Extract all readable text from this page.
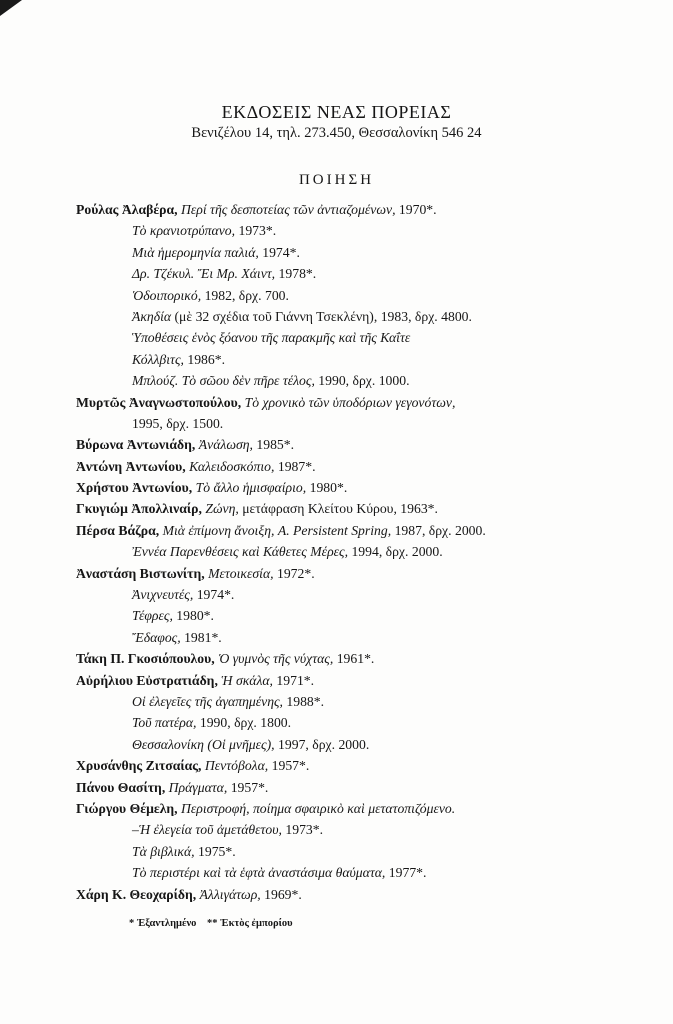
ΕΚΔΟΣΕΙΣ ΝΕΑΣ ΠΟΡΕΙΑΣ
Βενιζέλου 14, τηλ. 273.450, Θεσσαλονίκη 546 24
ΠΟΙΗΣΗ
Ρούλας Ἀλαβέρα, Περί τῆς δεσποτείας τῶν ἀντιαζομένων, 1970*.
Τὸ κρανιοτρύπανο, 1973*.
Μιὰ ἡμερομηνία παλιά, 1974*.
Δρ. Τζέκυλ. Ἔι Μρ. Χάιντ, 1978*.
Ὁδοιπορικό, 1982, δρχ. 700.
Ἀκηδία (μὲ 32 σχέδια τοῦ Γιάννη Τσεκλένη), 1983, δρχ. 4800.
Ὑποθέσεις ἑνὸς ξόανου τῆς παρακμῆς καὶ τῆς Καΐτε
Κόλλβιτς, 1986*.
Μπλούζ. Τὸ σῶου δὲν πῆρε τέλος, 1990, δρχ. 1000.
Μυρτῶς Ἀναγνωστοπούλου, Τὸ χρονικὸ τῶν ὑποδόριων γεγονότων,
1995, δρχ. 1500.
Βύρωνα Ἀντωνιάδη, Ἀνάλωση, 1985*.
Ἀντώνη Ἀντωνίου, Καλειδοσκόπιο, 1987*.
Χρήστου Ἀντωνίου, Τὸ ἄλλο ἡμισφαίριο, 1980*.
Γκυγιώμ Ἀπολλιναίρ, Ζώνη, μετάφραση Κλείτου Κύρου, 1963*.
Πέρσα Βάζρα, Μιὰ ἐπίμονη ἄνοιξη, A. Persistent Spring, 1987, δρχ. 2000.
Ἐννέα Παρενθέσεις καὶ Κάθετες Μέρες, 1994, δρχ. 2000.
Ἀναστάση Βιστωνίτη, Μετοικεσία, 1972*.
Ἀνιχνευτές, 1974*.
Τέφρες, 1980*.
Ἔδαφος, 1981*.
Τάκη Π. Γκοσιόπουλου, Ὁ γυμνὸς τῆς νύχτας, 1961*.
Αὐρήλιου Εὐστρατιάδη, Ἡ σκάλα, 1971*.
Οἱ ἐλεγεῖες τῆς ἀγαπημένης, 1988*.
Τοῦ πατέρα, 1990, δρχ. 1800.
Θεσσαλονίκη (Οἱ μνῆμες), 1997, δρχ. 2000.
Χρυσάνθης Ζιτσαίας, Πεντόβολα, 1957*.
Πάνου Θασίτη, Πράγματα, 1957*.
Γιώργου Θέμελη, Περιστροφή, ποίημα σφαιρικὸ καὶ μετατοπιζόμενο.
–Ἡ ἐλεγεία τοῦ ἀμετάθετου, 1973*.
Τὰ βιβλικά, 1975*.
Τὸ περιστέρι καὶ τὰ ἑφτὰ ἀναστάσιμα θαύματα, 1977*.
Χάρη Κ. Θεοχαρίδη, Ἀλλιγάτωρ, 1969*.
* Ἐξαντλημένο ** Ἐκτὸς ἐμπορίου
